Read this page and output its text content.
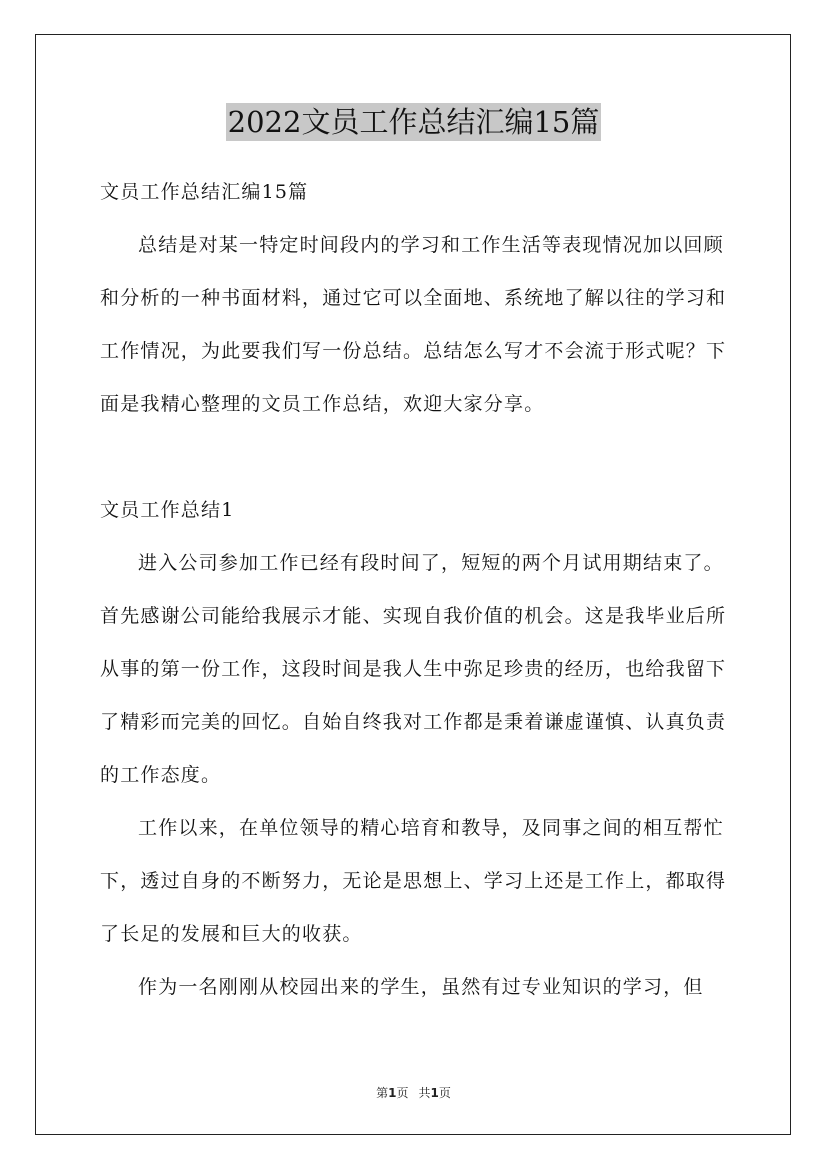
2022文员工作总结汇编15篇

文员工作总结汇编15篇

总结是对某一特定时间段内的学习和工作生活等表现情况加以回顾和分析的一种书面材料，通过它可以全面地、系统地了解以往的学习和工作情况，为此要我们写一份总结。总结怎么写才不会流于形式呢？下面是我精心整理的文员工作总结，欢迎大家分享。

文员工作总结1

进入公司参加工作已经有段时间了，短短的两个月试用期结束了。首先感谢公司能给我展示才能、实现自我价值的机会。这是我毕业后所从事的第一份工作，这段时间是我人生中弥足珍贵的经历，也给我留下了精彩而完美的回忆。自始自终我对工作都是秉着谦虚谨慎、认真负责的工作态度。

工作以来，在单位领导的精心培育和教导，及同事之间的相互帮忙下，透过自身的不断努力，无论是思想上、学习上还是工作上，都取得了长足的发展和巨大的收获。

作为一名刚刚从校园出来的学生，虽然有过专业知识的学习，但

第1页 共1页
